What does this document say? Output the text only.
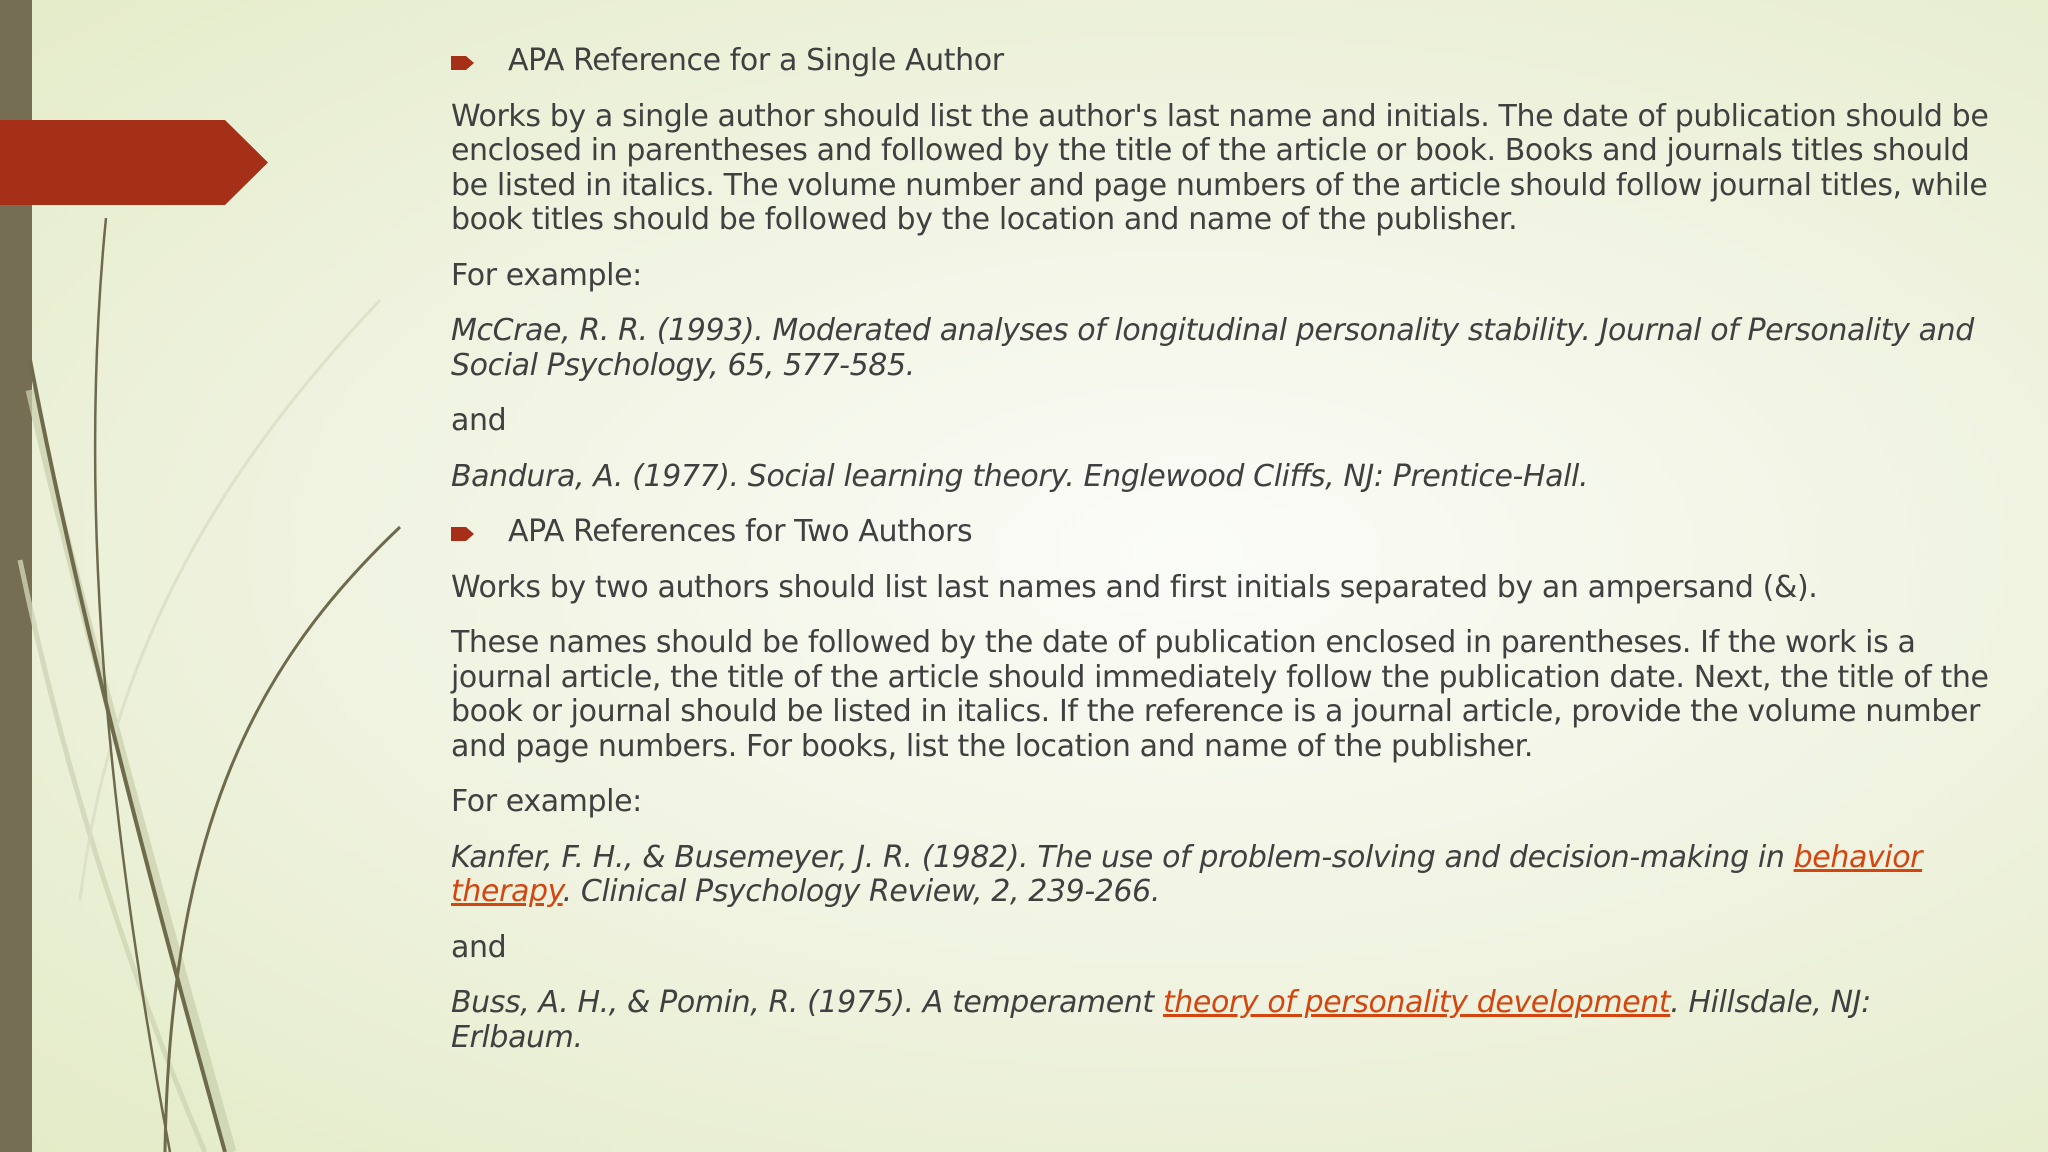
APA Reference for a Single Author

Works by a single author should list the author's last name and initials. The date of publication should be enclosed in parentheses and followed by the title of the article or book. Books and journals titles should be listed in italics. The volume number and page numbers of the article should follow journal titles, while book titles should be followed by the location and name of the publisher.

For example:

McCrae, R. R. (1993). Moderated analyses of longitudinal personality stability. Journal of Personality and Social Psychology, 65, 577-585.

and

Bandura, A. (1977). Social learning theory. Englewood Cliffs, NJ: Prentice-Hall.

APA References for Two Authors

Works by two authors should list last names and first initials separated by an ampersand (&).

These names should be followed by the date of publication enclosed in parentheses. If the work is a journal article, the title of the article should immediately follow the publication date. Next, the title of the book or journal should be listed in italics. If the reference is a journal article, provide the volume number and page numbers. For books, list the location and name of the publisher.

For example:

Kanfer, F. H., & Busemeyer, J. R. (1982). The use of problem-solving and decision-making in behavior therapy. Clinical Psychology Review, 2, 239-266.

and

Buss, A. H., & Pomin, R. (1975). A temperament theory of personality development. Hillsdale, NJ: Erlbaum.
